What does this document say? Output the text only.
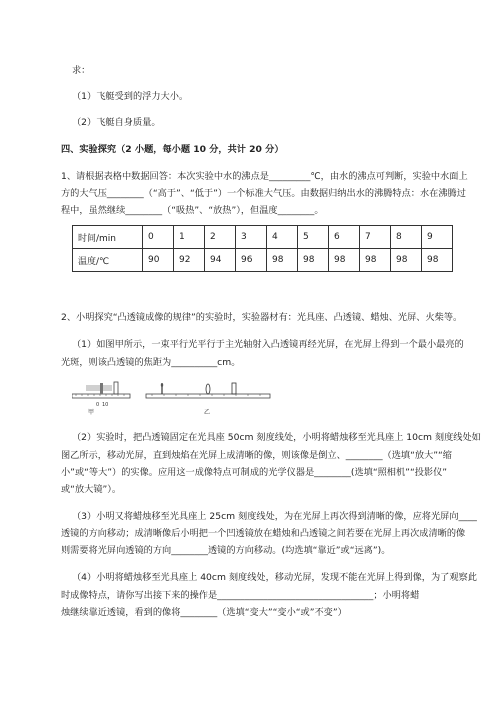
求：
（1）飞艇受到的浮力大小。
（2）飞艇自身质量。
四、实验探究（2 小题，每小题 10 分，共计 20 分）
1、请根据表格中数据回答：本次实验中水的沸点是_________℃，由水的沸点可判断，实验中水面上
方的大气压________（“高于”、“低于”）一个标准大气压。由数据归纳出水的沸腾特点：水在沸腾过
程中，虽然继续________（“吸热”、“放热”），但温度________。
时间/min	0	1	2	3	4	5	6	7	8	9
温度/℃	90	92	94	96	98	98	98	98	98	98
2、小明探究“凸透镜成像的规律”的实验时，实验器材有：光具座、凸透镜、蜡烛、光屏、火柴等。
（1）如图甲所示，一束平行光平行于主光轴射入凸透镜再经光屏，在光屏上得到一个最小最亮的
光斑，则该凸透镜的焦距为__________cm。
0 10
甲	乙
（2）实验时，把凸透镜固定在光具座 50cm 刻度线处，小明将蜡烛移至光具座上 10cm 刻度线处如
图乙所示，移动光屏，直到烛焰在光屏上成清晰的像，则该像是倒立、________（选填“放大”“缩
小”或“等大”）的实像。应用这一成像特点可制成的光学仪器是________(选填“照相机”“投影仪”
或“放大镜”）。
（3）小明又将蜡烛移至光具座上 25cm 刻度线处，为在光屏上再次得到清晰的像，应将光屏向____
透镜的方向移动；成清晰像后小明把一个凹透镜放在蜡烛和凸透镜之间若要在光屏上再次成清晰的像
则需要将光屏向透镜的方向________透镜的方向移动。(均选填“靠近”或“远离”)。
（4）小明将蜡烛移至光具座上 40cm 刻度线处，移动光屏，发现不能在光屏上得到像，为了观察此
时成像特点，请你写出接下来的操作是__________________________________；小明将蜡
烛继续靠近透镜，看到的像将________（选填“变大”“变小“或”不变”）
